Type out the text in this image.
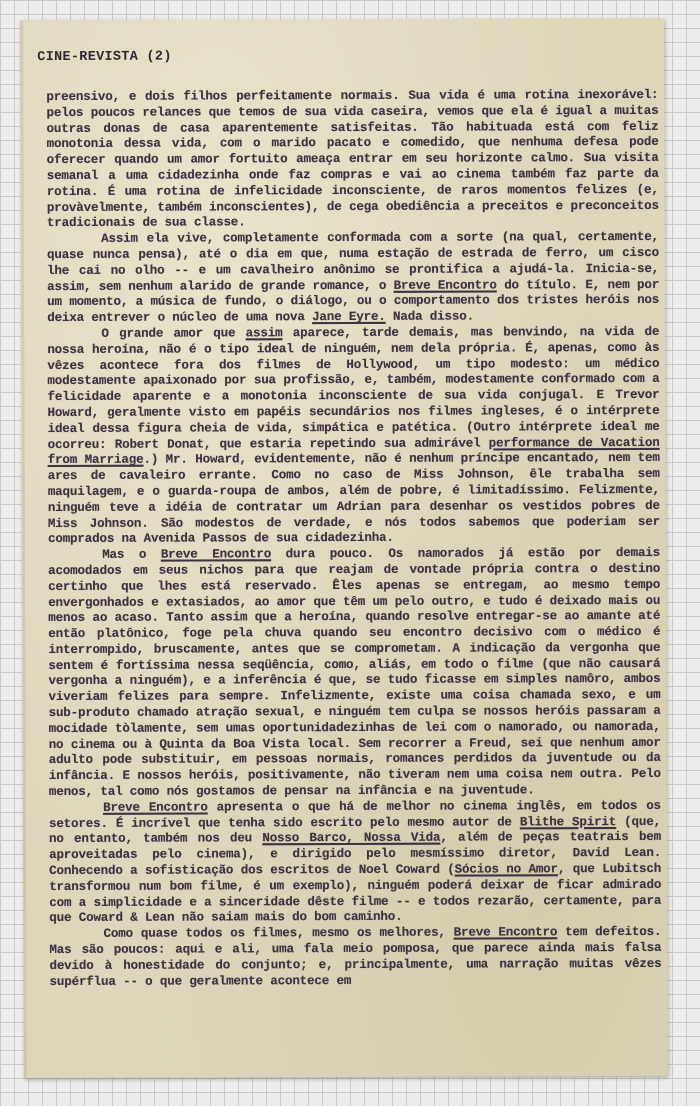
CINE-REVISTA (2)

preensivo, e dois filhos perfeitamente normais. Sua vida é uma rotina inexorável: pelos poucos relances que temos de sua vida caseira, vemos que ela é igual a muitas outras donas de casa aparentemente satisfeitas. Tão habituada está com feliz monotonia dessa vida, com o marido pacato e comedido, que nenhuma defesa pode oferecer quando um amor fortuito ameaça entrar em seu horizonte calmo. Sua visita semanal a uma cidadezinha onde faz compras e vai ao cinema também faz parte da rotina. É uma rotina de infelicidade inconsciente, de raros momentos felizes (e, provàvelmente, também inconscientes), de cega obediência a preceitos e preconceitos tradicionais de sua classe.

Assim ela vive, completamente conformada com a sorte (na qual, certamente, quase nunca pensa), até o dia em que, numa estação de estrada de ferro, um cisco lhe cai no olho -- e um cavalheiro anônimo se prontifica a ajudá-la. Inicia-se, assim, sem nenhum alarido de grande romance, o Breve Encontro do título. E, nem por um momento, a música de fundo, o diálogo, ou o comportamento dos tristes heróis nos deixa entrever o núcleo de uma nova Jane Eyre. Nada disso.

O grande amor que assim aparece, tarde demais, mas benvindo, na vida de nossa heroína, não é o tipo ideal de ninguém, nem dela própria. É, apenas, como às vêzes acontece fora dos filmes de Hollywood, um tipo modesto: um médico modestamente apaixonado por sua profissão, e, também, modestamente conformado com a felicidade aparente e a monotonia inconsciente de sua vida conjugal. E Trevor Howard, geralmente visto em papéis secundários nos filmes ingleses, é o intérprete ideal dessa figura cheia de vida, simpática e patética. (Outro intérprete ideal me ocorreu: Robert Donat, que estaria repetindo sua admirável performance de Vacation from Marriage.) Mr. Howard, evidentemente, não é nenhum príncipe encantado, nem tem ares de cavaleiro errante. Como no caso de Miss Johnson, êle trabalha sem maquilagem, e o guarda-roupa de ambos, além de pobre, é limitadíssimo. Felizmente, ninguém teve a idéia de contratar um Adrian para desenhar os vestidos pobres de Miss Johnson. São modestos de verdade, e nós todos sabemos que poderiam ser comprados na Avenida Passos de sua cidadezinha.

Mas o Breve Encontro dura pouco. Os namorados já estão por demais acomodados em seus nichos para que reajam de vontade própria contra o destino certinho que lhes está reservado. Êles apenas se entregam, ao mesmo tempo envergonhados e extasiados, ao amor que têm um pelo outro, e tudo é deixado mais ou menos ao acaso. Tanto assim que a heroína, quando resolve entregar-se ao amante até então platônico, foge pela chuva quando seu encontro decisivo com o médico é interrompido, bruscamente, antes que se comprometam. A indicação da vergonha que sentem é fortíssima nessa seqüência, como, aliás, em todo o filme (que não causará vergonha a ninguém), e a inferência é que, se tudo ficasse em simples namôro, ambos viveriam felizes para sempre. Infelizmente, existe uma coisa chamada sexo, e um sub-produto chamado atração sexual, e ninguém tem culpa se nossos heróis passaram a mocidade tòlamente, sem umas oportunidadezinhas de lei com o namorado, ou namorada, no cinema ou à Quinta da Boa Vista local. Sem recorrer a Freud, sei que nenhum amor adulto pode substituir, em pessoas normais, romances perdidos da juventude ou da infância. E nossos heróis, positivamente, não tiveram nem uma coisa nem outra. Pelo menos, tal como nós gostamos de pensar na infância e na juventude.

Breve Encontro apresenta o que há de melhor no cinema inglês, em todos os setores. É incrível que tenha sido escrito pelo mesmo autor de Blithe Spirit (que, no entanto, também nos deu Nosso Barco, Nossa Vida, além de peças teatrais bem aproveitadas pelo cinema), e dirigido pelo mesmíssimo diretor, David Lean. Conhecendo a sofisticação dos escritos de Noel Coward (Sócios no Amor, que Lubitsch transformou num bom filme, é um exemplo), ninguém poderá deixar de ficar admirado com a simplicidade e a sinceridade dêste filme -- e todos rezarão, certamente, para que Coward & Lean não saiam mais do bom caminho.

Como quase todos os filmes, mesmo os melhores, Breve Encontro tem defeitos. Mas são poucos: aqui e ali, uma fala meio pomposa, que parece ainda mais falsa devido à honestidade do conjunto; e, principalmente, uma narração muitas vêzes supérflua -- o que geralmente acontece em
